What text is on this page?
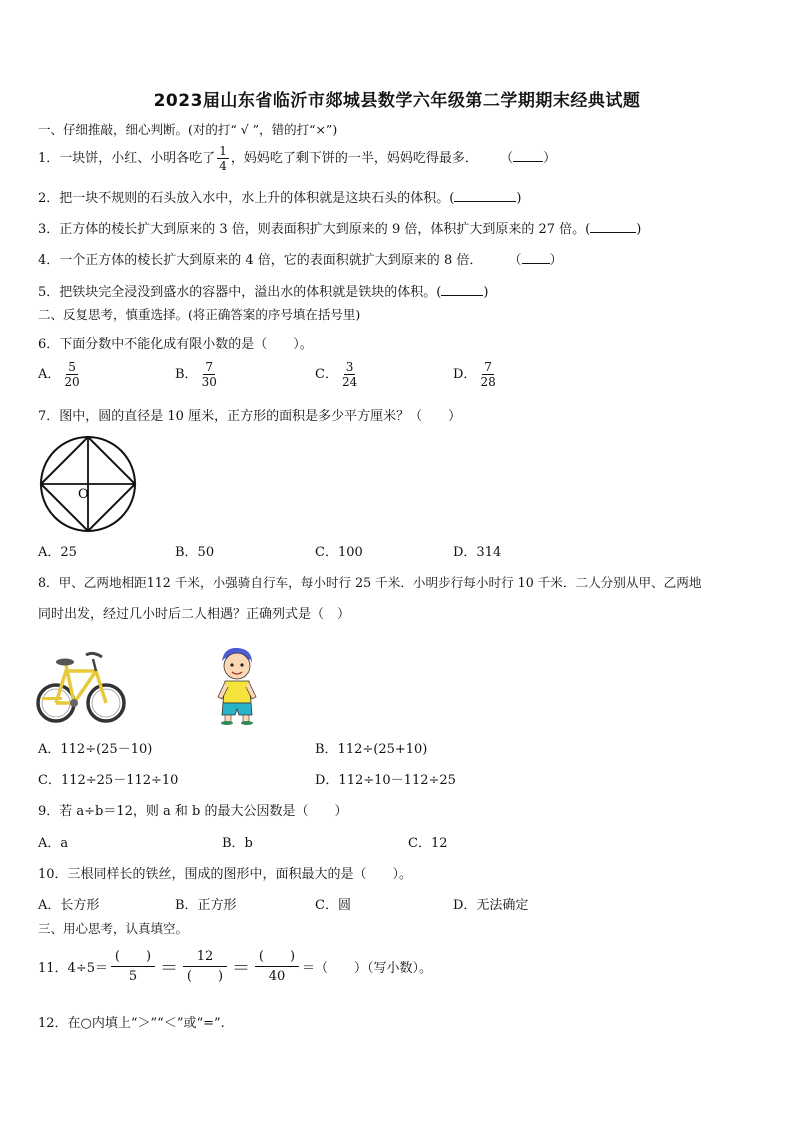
2023届山东省临沂市郯城县数学六年级第二学期期末经典试题
一、仔细推敲，细心判断。(对的打“ √ ”，错的打“×”)
1．一块饼，小红、小明各吃了 $\frac{1}{4}$ ，妈妈吃了剩下饼的一半，妈妈吃得最多． （ ）
2．把一块不规则的石头放入水中，水上升的体积就是这块石头的体积。(	)
3．正方体的棱长扩大到原来的 3 倍，则表面积扩大到原来的 9 倍，体积扩大到原来的 27 倍。(	)
4．一个正方体的棱长扩大到原来的 4 倍，它的表面积就扩大到原来的 8 倍． （ ）
5．把铁块完全浸没到盛水的容器中，溢出水的体积就是铁块的体积。(	)
二、反复思考，慎重选择。(将正确答案的序号填在括号里)
6．下面分数中不能化成有限小数的是（　　）。
A． $\frac{5}{20}$	B． $\frac{7}{30}$	C． $\frac{3}{24}$	D． $\frac{7}{28}$
7．图中，圆的直径是 10 厘米，正方形的面积是多少平方厘米？（　　）
O
A．25	B．50	C．100	D．314
8．甲、乙两地相距112 千米，小强骑自行车，每小时行 25 千米．小明步行每小时行 10 千米．二人分别从甲、乙两地
同时出发，经过几小时后二人相遇？正确列式是（　）
A．112÷(25－10)	B．112÷(25+10)
C．112÷25－112÷10	D．112÷10－112÷25
9．若 a÷b＝12，则 a 和 b 的最大公因数是（　　）
A．a	B．b	C．12
10．三根同样长的铁丝，围成的图形中，面积最大的是（　　）。
A．长方形	B．正方形	C．圆	D．无法确定
三、用心思考，认真填空。
11．$4\div 5= \frac{( )}{5} = \frac{12}{( )} = \frac{( )}{40}$ ＝（　　）（写小数）。
12．在○内填上“＞”“＜”或“=”.
